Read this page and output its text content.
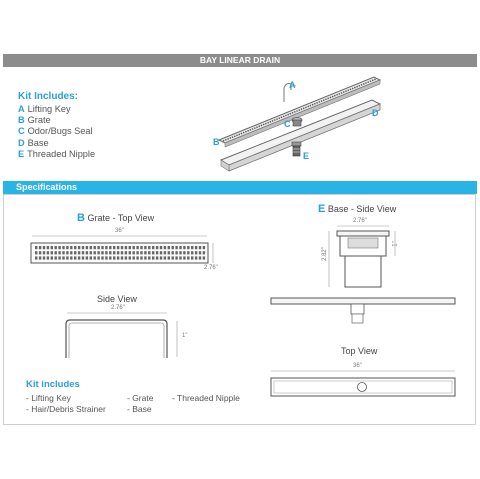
BAY LINEAR DRAIN
Kit Includes:
A Lifting Key
B Grate
C Odor/Bugs Seal
D Base
E Threaded Nipple
A
B
C
D
E
Specifications
B Grate - Top View
36"
2.76"
Side View
2.76"
1"
Kit includes
- Lifting Key
- Hair/Debris Strainer
- Grate
- Base
- Threaded Nipple
E Base - Side View
2.76"
2.82"
1"
Top View
36"
